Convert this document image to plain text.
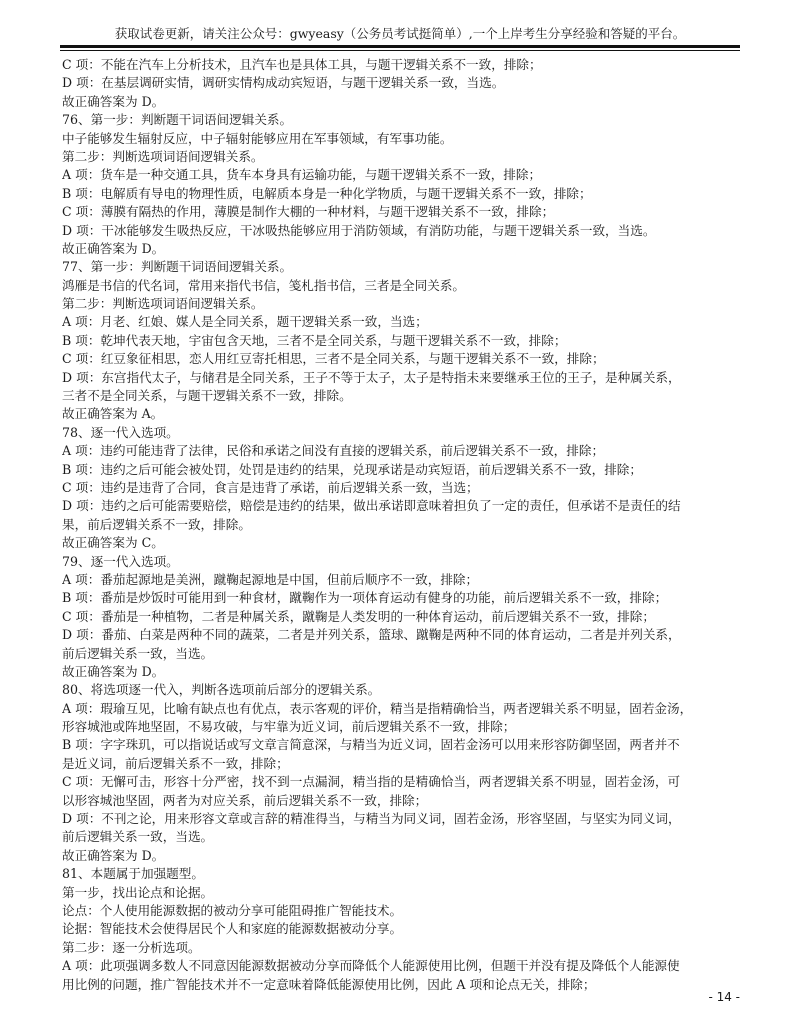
获取试卷更新，请关注公众号：gwyeasy（公务员考试挺简单）,一个上岸考生分享经验和答疑的平台。
C 项：不能在汽车上分析技术，且汽车也是具体工具，与题干逻辑关系不一致，排除；
D 项：在基层调研实情，调研实情构成动宾短语，与题干逻辑关系一致，当选。
故正确答案为 D。
76、第一步：判断题干词语间逻辑关系。
中子能够发生辐射反应，中子辐射能够应用在军事领域，有军事功能。
第二步：判断选项词语间逻辑关系。
A 项：货车是一种交通工具，货车本身具有运输功能，与题干逻辑关系不一致，排除；
B 项：电解质有导电的物理性质，电解质本身是一种化学物质，与题干逻辑关系不一致，排除；
C 项：薄膜有隔热的作用，薄膜是制作大棚的一种材料，与题干逻辑关系不一致，排除；
D 项：干冰能够发生吸热反应，干冰吸热能够应用于消防领域，有消防功能，与题干逻辑关系一致，当选。
故正确答案为 D。
77、第一步：判断题干词语间逻辑关系。
鸿雁是书信的代名词，常用来指代书信，笺札指书信，三者是全同关系。
第二步：判断选项词语间逻辑关系。
A 项：月老、红娘、媒人是全同关系，题干逻辑关系一致，当选；
B 项：乾坤代表天地，宇宙包含天地，三者不是全同关系，与题干逻辑关系不一致，排除；
C 项：红豆象征相思，恋人用红豆寄托相思，三者不是全同关系，与题干逻辑关系不一致，排除；
D 项：东宫指代太子，与储君是全同关系，王子不等于太子，太子是特指未来要继承王位的王子，是种属关系，
三者不是全同关系，与题干逻辑关系不一致，排除。
故正确答案为 A。
78、逐一代入选项。
A 项：违约可能违背了法律，民俗和承诺之间没有直接的逻辑关系，前后逻辑关系不一致，排除；
B 项：违约之后可能会被处罚，处罚是违约的结果，兑现承诺是动宾短语，前后逻辑关系不一致，排除；
C 项：违约是违背了合同，食言是违背了承诺，前后逻辑关系一致，当选；
D 项：违约之后可能需要赔偿，赔偿是违约的结果，做出承诺即意味着担负了一定的责任，但承诺不是责任的结
果，前后逻辑关系不一致，排除。
故正确答案为 C。
79、逐一代入选项。
A 项：番茄起源地是美洲，蹴鞠起源地是中国，但前后顺序不一致，排除；
B 项：番茄是炒饭时可能用到一种食材，蹴鞠作为一项体育运动有健身的功能，前后逻辑关系不一致，排除；
C 项：番茄是一种植物，二者是种属关系，蹴鞠是人类发明的一种体育运动，前后逻辑关系不一致，排除；
D 项：番茄、白菜是两种不同的蔬菜，二者是并列关系，篮球、蹴鞠是两种不同的体育运动，二者是并列关系，
前后逻辑关系一致，当选。
故正确答案为 D。
80、将选项逐一代入，判断各选项前后部分的逻辑关系。
A 项：瑕瑜互见，比喻有缺点也有优点，表示客观的评价，精当是指精确恰当，两者逻辑关系不明显，固若金汤，
形容城池或阵地坚固，不易攻破，与牢靠为近义词，前后逻辑关系不一致，排除；
B 项：字字珠玑，可以指说话或写文章言简意深，与精当为近义词，固若金汤可以用来形容防御坚固，两者并不
是近义词，前后逻辑关系不一致，排除；
C 项：无懈可击，形容十分严密，找不到一点漏洞，精当指的是精确恰当，两者逻辑关系不明显，固若金汤，可
以形容城池坚固，两者为对应关系，前后逻辑关系不一致，排除；
D 项：不刊之论，用来形容文章或言辞的精准得当，与精当为同义词，固若金汤，形容坚固，与坚实为同义词，
前后逻辑关系一致，当选。
故正确答案为 D。
81、本题属于加强题型。
第一步，找出论点和论据。
论点：个人使用能源数据的被动分享可能阻碍推广智能技术。
论据：智能技术会使得居民个人和家庭的能源数据被动分享。
第二步：逐一分析选项。
A 项：此项强调多数人不同意因能源数据被动分享而降低个人能源使用比例，但题干并没有提及降低个人能源使
用比例的问题，推广智能技术并不一定意味着降低能源使用比例，因此 A 项和论点无关，排除；
- 14 -
